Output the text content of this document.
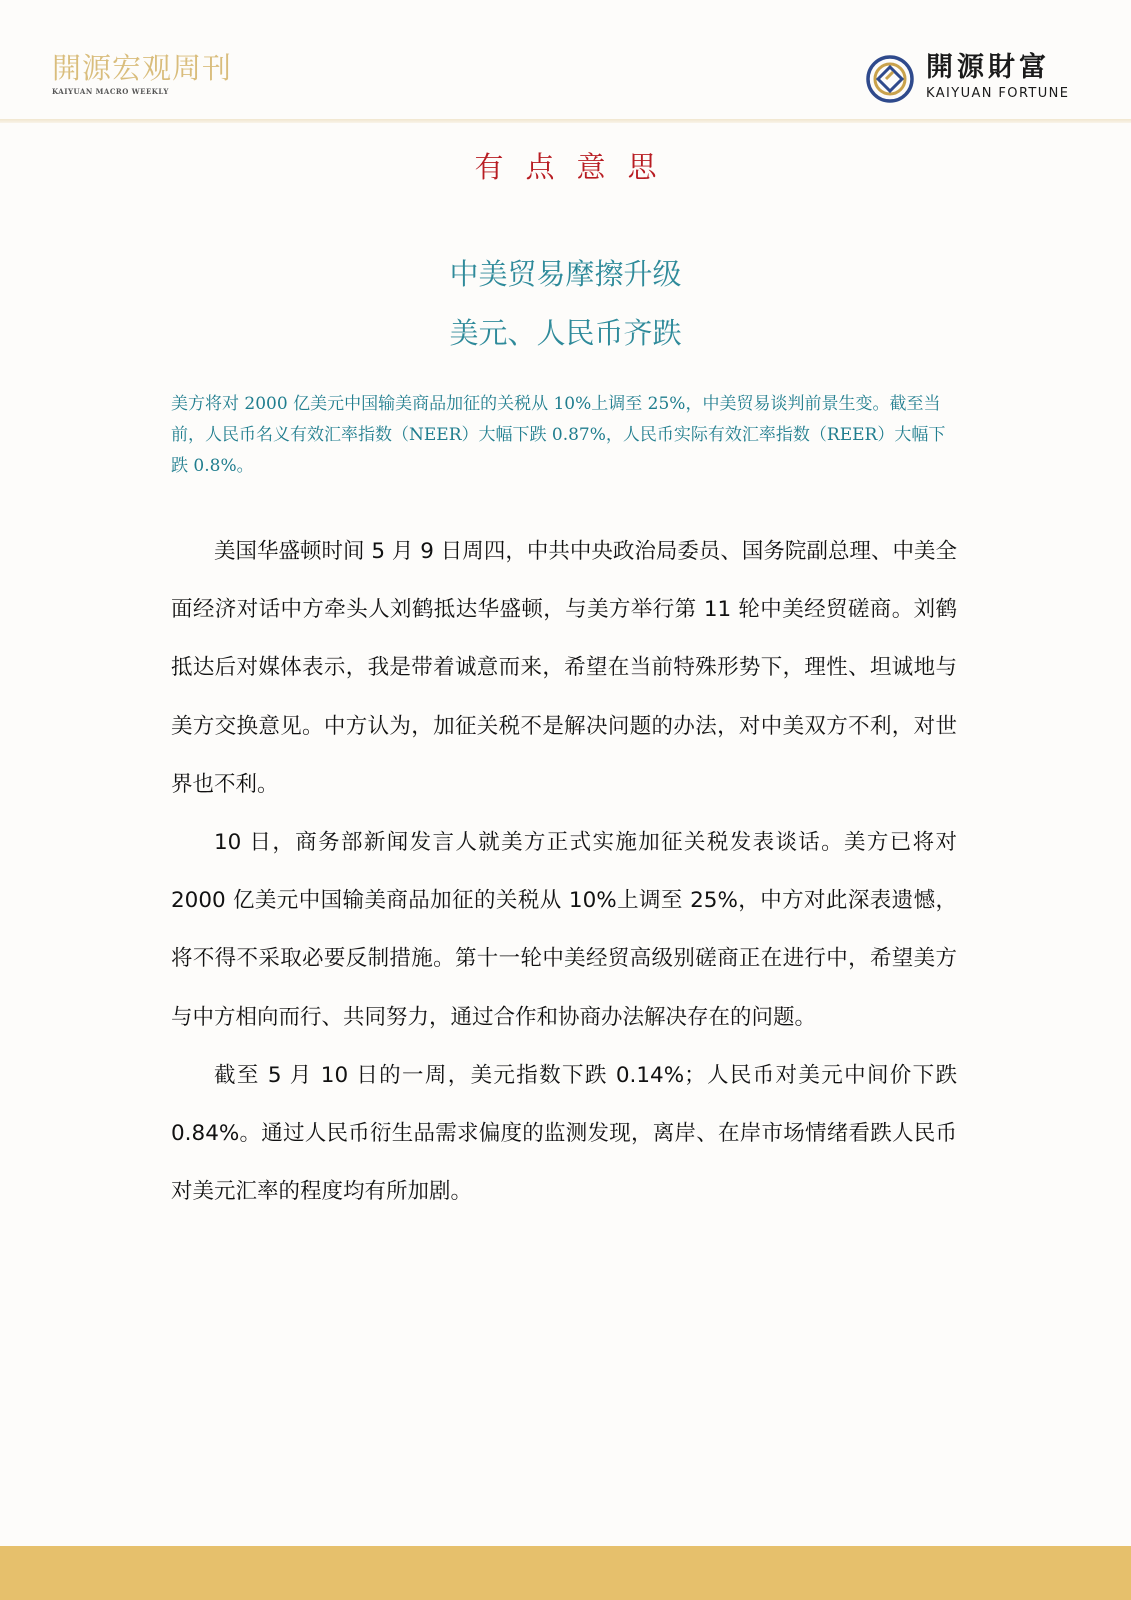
開源宏观周刊
KAIYUAN MACRO WEEKLY
開源財富
KAIYUAN FORTUNE
有点意思
中美贸易摩擦升级
美元、人民币齐跌
美方将对 2000 亿美元中国输美商品加征的关税从 10%上调至 25%，中美贸易谈判前景生变。截至当前，人民币名义有效汇率指数（NEER）大幅下跌 0.87%，人民币实际有效汇率指数（REER）大幅下跌 0.8%。

美国华盛顿时间 5 月 9 日周四，中共中央政治局委员、国务院副总理、中美全面经济对话中方牵头人刘鹤抵达华盛顿，与美方举行第 11 轮中美经贸磋商。刘鹤抵达后对媒体表示，我是带着诚意而来，希望在当前特殊形势下，理性、坦诚地与美方交换意见。中方认为，加征关税不是解决问题的办法，对中美双方不利，对世界也不利。

10 日，商务部新闻发言人就美方正式实施加征关税发表谈话。美方已将对 2000 亿美元中国输美商品加征的关税从 10%上调至 25%，中方对此深表遗憾，将不得不采取必要反制措施。第十一轮中美经贸高级别磋商正在进行中，希望美方与中方相向而行、共同努力，通过合作和协商办法解决存在的问题。

截至 5 月 10 日的一周，美元指数下跌 0.14%；人民币对美元中间价下跌 0.84%。通过人民币衍生品需求偏度的监测发现，离岸、在岸市场情绪看跌人民币对美元汇率的程度均有所加剧。
